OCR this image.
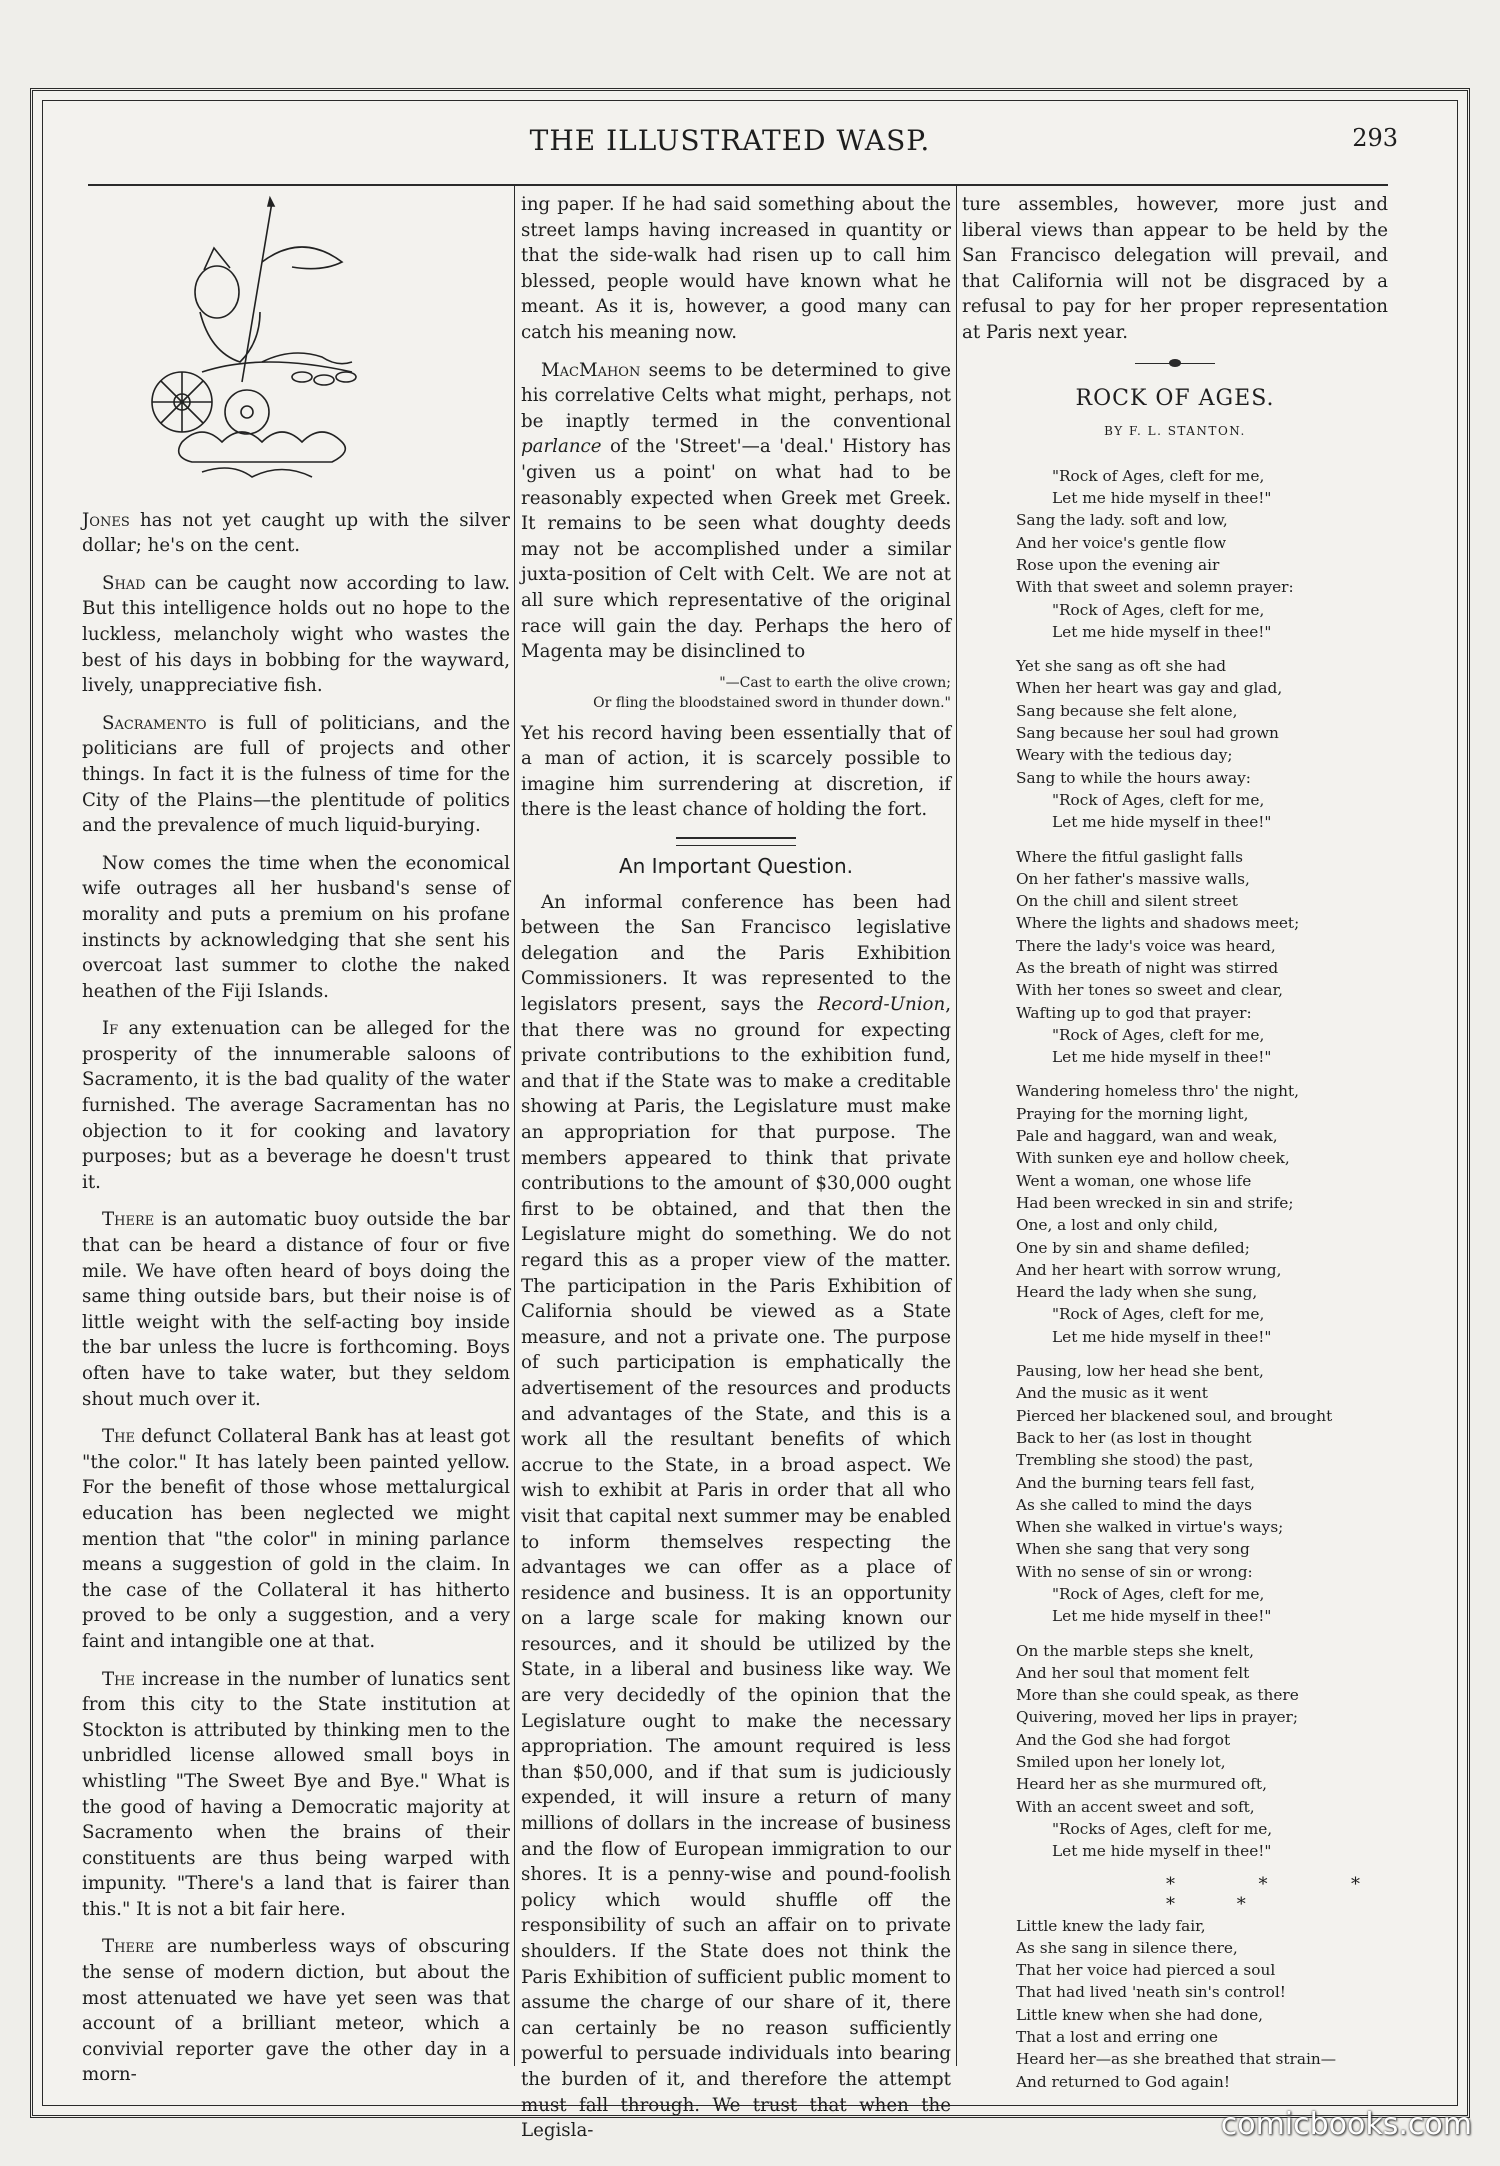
THE ILLUSTRATED WASP.	293

Jones has not yet caught up with the silver dollar; he's on the cent.

Shad can be caught now according to law. But this intelligence holds out no hope to the luckless, melancholy wight who wastes the best of his days in bobbing for the wayward, lively, unappreciative fish.

Sacramento is full of politicians, and the politicians are full of projects and other things. In fact it is the fulness of time for the City of the Plains—the plentitude of politics and the prevalence of much liquid-burying.

Now comes the time when the economical wife outrages all her husband's sense of morality and puts a premium on his profane instincts by acknowledging that she sent his overcoat last summer to clothe the naked heathen of the Fiji Islands.

If any extenuation can be alleged for the prosperity of the innumerable saloons of Sacramento, it is the bad quality of the water furnished. The average Sacramentan has no objection to it for cooking and lavatory purposes; but as a beverage he doesn't trust it.

There is an automatic buoy outside the bar that can be heard a distance of four or five mile. We have often heard of boys doing the same thing outside bars, but their noise is of little weight with the self-acting boy inside the bar unless the lucre is forthcoming. Boys often have to take water, but they seldom shout much over it.

The defunct Collateral Bank has at least got "the color." It has lately been painted yellow. For the benefit of those whose mettalurgical education has been neglected we might mention that "the color" in mining parlance means a suggestion of gold in the claim. In the case of the Collateral it has hitherto proved to be only a suggestion, and a very faint and intangible one at that.

The increase in the number of lunatics sent from this city to the State institution at Stockton is attributed by thinking men to the unbridled license allowed small boys in whistling "The Sweet Bye and Bye." What is the good of having a Democratic majority at Sacramento when the brains of their constituents are thus being warped with impunity. "There's a land that is fairer than this." It is not a bit fair here.

There are numberless ways of obscuring the sense of modern diction, but about the most attenuated we have yet seen was that account of a brilliant meteor, which a convivial reporter gave the other day in a morn-

ing paper. If he had said something about the street lamps having increased in quantity or that the side-walk had risen up to call him blessed, people would have known what he meant. As it is, however, a good many can catch his meaning now.

MacMahon seems to be determined to give his correlative Celts what might, perhaps, not be inaptly termed in the conventional parlance of the 'Street'—a 'deal.' History has 'given us a point' on what had to be reasonably expected when Greek met Greek. It remains to be seen what doughty deeds may not be accomplished under a similar juxta-position of Celt with Celt. We are not at all sure which representative of the original race will gain the day. Perhaps the hero of Magenta may be disinclined to

"—Cast to earth the olive crown;
Or fling the bloodstained sword in thunder down."

Yet his record having been essentially that of a man of action, it is scarcely possible to imagine him surrendering at discretion, if there is the least chance of holding the fort.

An Important Question.

An informal conference has been had between the San Francisco legislative delegation and the Paris Exhibition Commissioners. It was represented to the legislators present, says the Record-Union, that there was no ground for expecting private contributions to the exhibition fund, and that if the State was to make a creditable showing at Paris, the Legislature must make an appropriation for that purpose. The members appeared to think that private contributions to the amount of $30,000 ought first to be obtained, and that then the Legislature might do something. We do not regard this as a proper view of the matter. The participation in the Paris Exhibition of California should be viewed as a State measure, and not a private one. The purpose of such participation is emphatically the advertisement of the resources and products and advantages of the State, and this is a work all the resultant benefits of which accrue to the State, in a broad aspect. We wish to exhibit at Paris in order that all who visit that capital next summer may be enabled to inform themselves respecting the advantages we can offer as a place of residence and business. It is an opportunity on a large scale for making known our resources, and it should be utilized by the State, in a liberal and business like way. We are very decidedly of the opinion that the Legislature ought to make the necessary appropriation. The amount required is less than $50,000, and if that sum is judiciously expended, it will insure a return of many millions of dollars in the increase of business and the flow of European immigration to our shores. It is a penny-wise and pound-foolish policy which would shuffle off the responsibility of such an affair on to private shoulders. If the State does not think the Paris Exhibition of sufficient public moment to assume the charge of our share of it, there can certainly be no reason sufficiently powerful to persuade individuals into bearing the burden of it, and therefore the attempt must fall through. We trust that when the Legisla-

ture assembles, however, more just and liberal views than appear to be held by the San Francisco delegation will prevail, and that California will not be disgraced by a refusal to pay for her proper representation at Paris next year.

ROCK OF AGES.
BY F. L. STANTON.
"Rock of Ages, cleft for me,
Let me hide myself in thee!"
Sang the lady. soft and low,
And her voice's gentle flow
Rose upon the evening air
With that sweet and solemn prayer:
"Rock of Ages, cleft for me,
Let me hide myself in thee!"
Yet she sang as oft she had
When her heart was gay and glad,
Sang because she felt alone,
Sang because her soul had grown
Weary with the tedious day;
Sang to while the hours away:
"Rock of Ages, cleft for me,
Let me hide myself in thee!"
Where the fitful gaslight falls
On her father's massive walls,
On the chill and silent street
Where the lights and shadows meet;
There the lady's voice was heard,
As the breath of night was stirred
With her tones so sweet and clear,
Wafting up to god that prayer:
"Rock of Ages, cleft for me,
Let me hide myself in thee!"
Wandering homeless thro' the night,
Praying for the morning light,
Pale and haggard, wan and weak,
With sunken eye and hollow cheek,
Went a woman, one whose life
Had been wrecked in sin and strife;
One, a lost and only child,
One by sin and shame defiled;
And her heart with sorrow wrung,
Heard the lady when she sung,
"Rock of Ages, cleft for me,
Let me hide myself in thee!"
Pausing, low her head she bent,
And the music as it went
Pierced her blackened soul, and brought
Back to her (as lost in thought
Trembling she stood) the past,
And the burning tears fell fast,
As she called to mind the days
When she walked in virtue's ways;
When she sang that very song
With no sense of sin or wrong:
"Rock of Ages, cleft for me,
Let me hide myself in thee!"
On the marble steps she knelt,
And her soul that moment felt
More than she could speak, as there
Quivering, moved her lips in prayer;
And the God she had forgot
Smiled upon her lonely lot,
Heard her as she murmured oft,
With an accent sweet and soft,
"Rocks of Ages, cleft for me,
Let me hide myself in thee!"
* * * * *
Little knew the lady fair,
As she sang in silence there,
That her voice had pierced a soul
That had lived 'neath sin's control!
Little knew when she had done,
That a lost and erring one
Heard her—as she breathed that strain—
And returned to God again!
comicbooks.com
